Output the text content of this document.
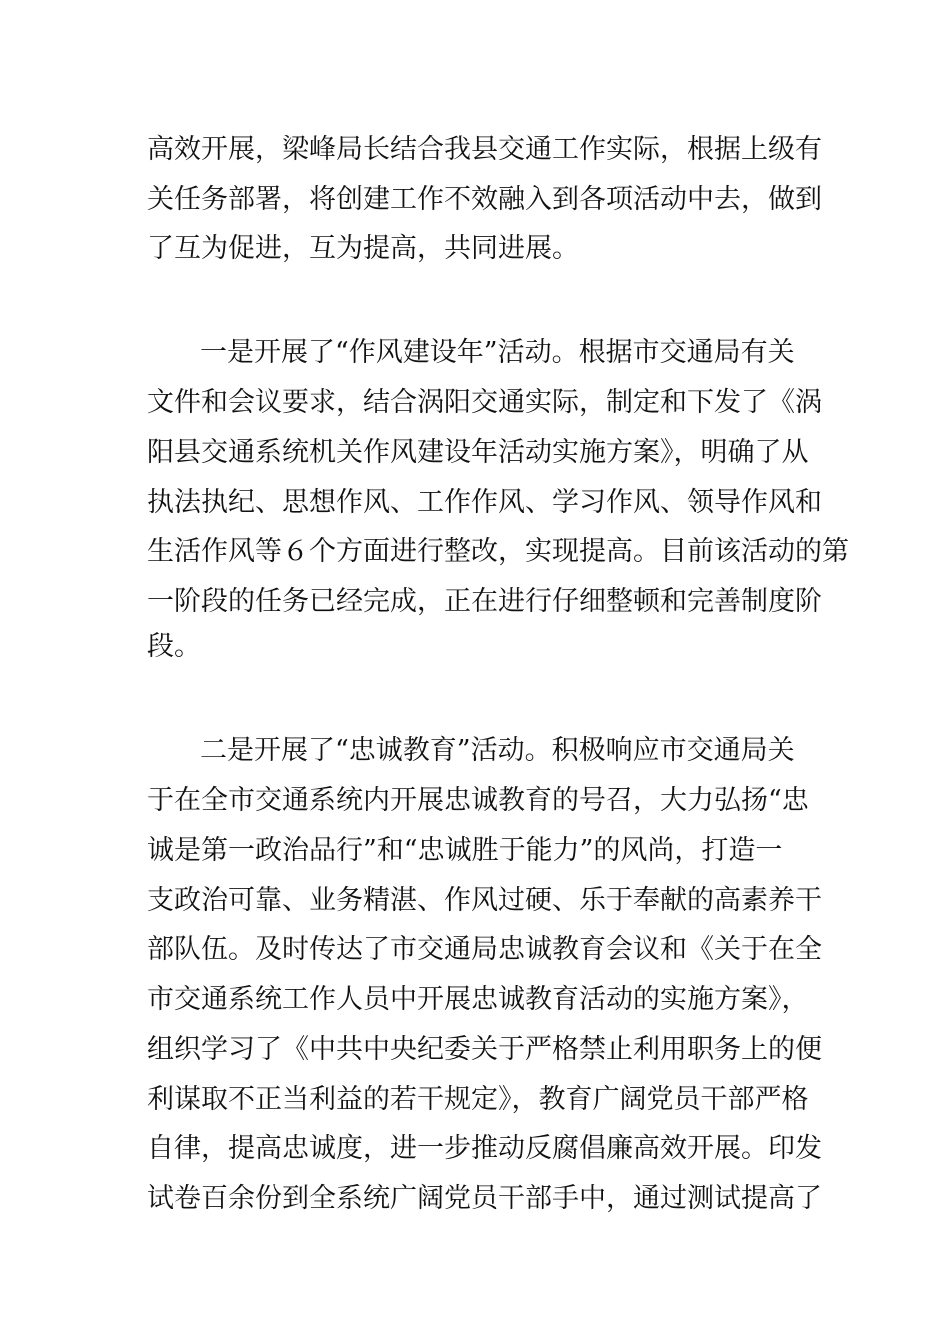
高效开展，梁峰局长结合我县交通工作实际，根据上级有
关任务部署，将创建工作不效融入到各项活动中去，做到
了互为促进，互为提高，共同进展。
一是开展了“作风建设年”活动。根据市交通局有关
文件和会议要求，结合涡阳交通实际，制定和下发了《涡
阳县交通系统机关作风建设年活动实施方案》，明确了从
执法执纪、思想作风、工作作风、学习作风、领导作风和
生活作风等６个方面进行整改，实现提高。目前该活动的第
一阶段的任务已经完成，正在进行仔细整顿和完善制度阶
段。
二是开展了“忠诚教育”活动。积极响应市交通局关
于在全市交通系统内开展忠诚教育的号召，大力弘扬“忠
诚是第一政治品行”和“忠诚胜于能力”的风尚，打造一
支政治可靠、业务精湛、作风过硬、乐于奉献的高素养干
部队伍。及时传达了市交通局忠诚教育会议和《关于在全
市交通系统工作人员中开展忠诚教育活动的实施方案》，
组织学习了《中共中央纪委关于严格禁止利用职务上的便
利谋取不正当利益的若干规定》，教育广阔党员干部严格
自律，提高忠诚度，进一步推动反腐倡廉高效开展。印发
试卷百余份到全系统广阔党员干部手中，通过测试提高了
